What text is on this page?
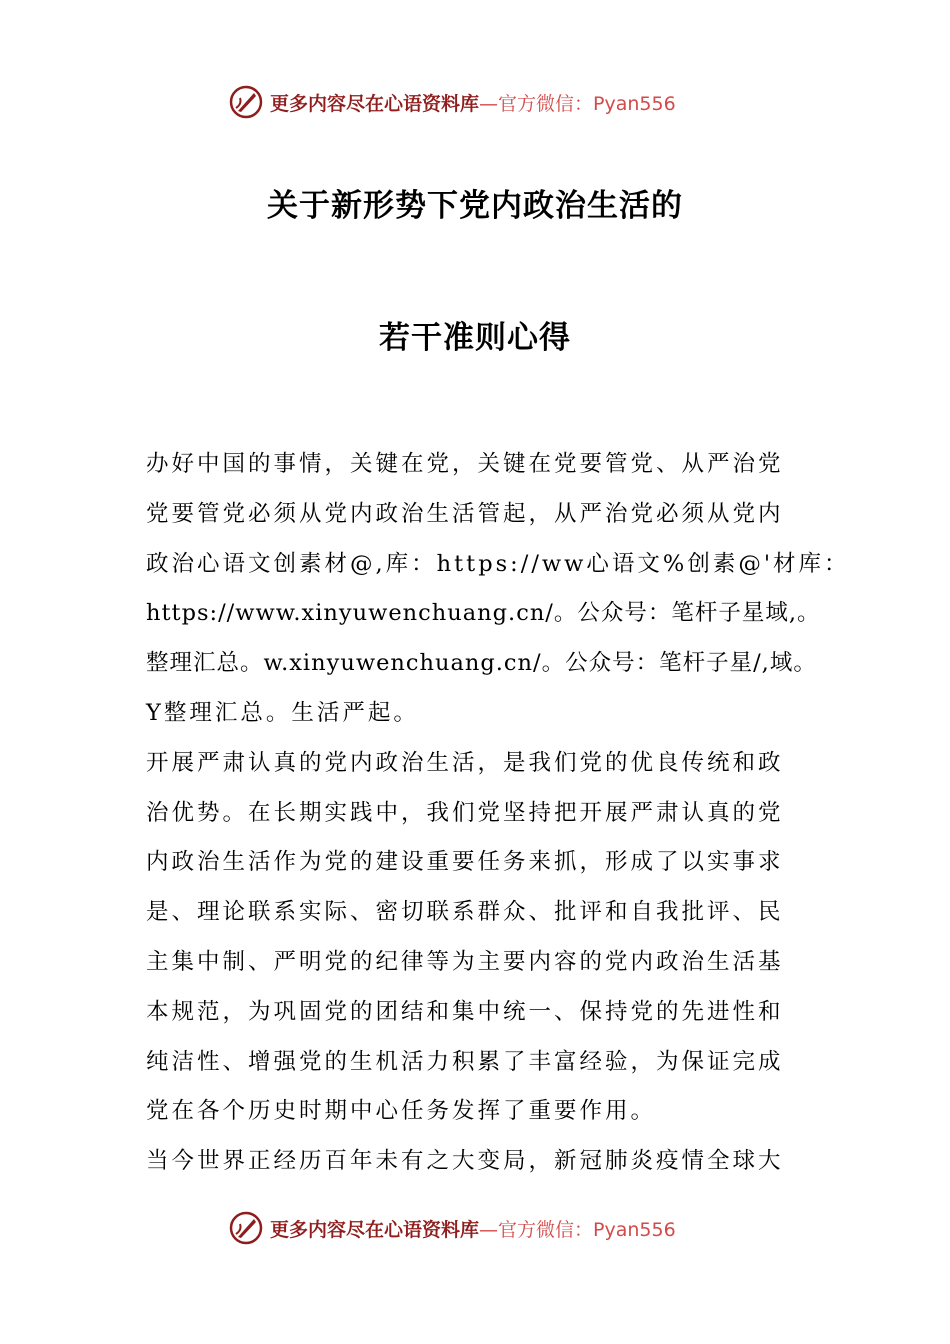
更多内容尽在心语资料库 —官方微信：Pyan556
关于新形势下党内政治生活的
若干准则心得
办好中国的事情，关键在党，关键在党要管党、从严治党
党要管党必须从党内政治生活管起，从严治党必须从党内
政治心语文创素材@,库：https://ww心语文%创素@'材库：
https://www.xinyuwenchuang.cn/。公众号：笔杆子星域,。
整理汇总。w.xinyuwenchuang.cn/。公众号：笔杆子星/,域。
Y整理汇总。生活严起。
开展严肃认真的党内政治生活，是我们党的优良传统和政
治优势。在长期实践中，我们党坚持把开展严肃认真的党
内政治生活作为党的建设重要任务来抓，形成了以实事求
是、理论联系实际、密切联系群众、批评和自我批评、民
主集中制、严明党的纪律等为主要内容的党内政治生活基
本规范，为巩固党的团结和集中统一、保持党的先进性和
纯洁性、增强党的生机活力积累了丰富经验，为保证完成
党在各个历史时期中心任务发挥了重要作用。
当今世界正经历百年未有之大变局，新冠肺炎疫情全球大
更多内容尽在心语资料库 —官方微信：Pyan556
